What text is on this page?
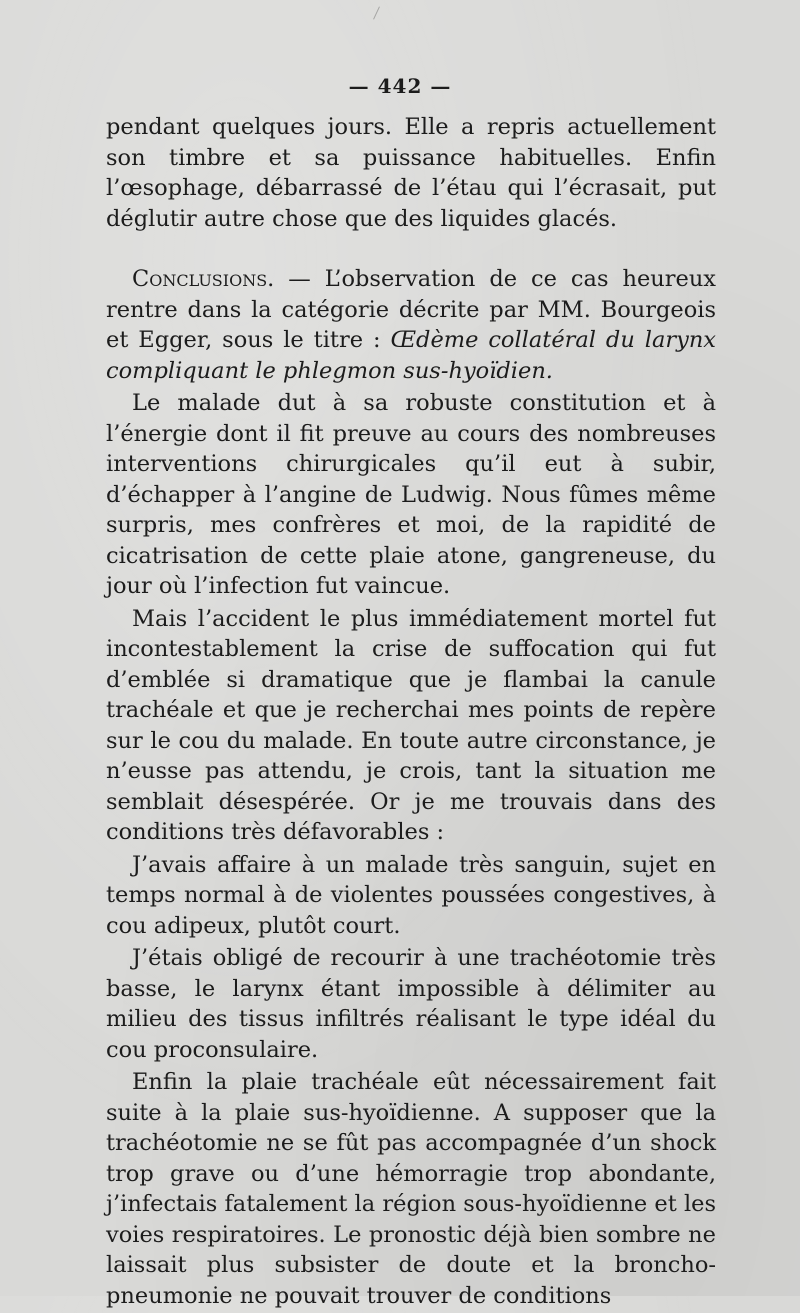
— 442 —

pendant quelques jours. Elle a repris actuellement son timbre et sa puissance habituelles. Enfin l’œsophage, débarrassé de l’étau qui l’écrasait, put déglutir autre chose que des liquides glacés.

Conclusions. — L’observation de ce cas heureux rentre dans la catégorie décrite par MM. Bourgeois et Egger, sous le titre : Œdème collatéral du larynx compliquant le phlegmon sus-hyoïdien.

Le malade dut à sa robuste constitution et à l’énergie dont il fit preuve au cours des nombreuses interventions chirurgicales qu’il eut à subir, d’échapper à l’angine de Ludwig. Nous fûmes même surpris, mes confrères et moi, de la rapidité de cicatrisation de cette plaie atone, gangreneuse, du jour où l’infection fut vaincue.

Mais l’accident le plus immédiatement mortel fut incontestablement la crise de suffocation qui fut d’emblée si dramatique que je flambai la canule trachéale et que je recherchai mes points de repère sur le cou du malade. En toute autre circonstance, je n’eusse pas attendu, je crois, tant la situation me semblait désespérée. Or je me trouvais dans des conditions très défavorables :

J’avais affaire à un malade très sanguin, sujet en temps normal à de violentes poussées congestives, à cou adipeux, plutôt court.

J’étais obligé de recourir à une trachéotomie très basse, le larynx étant impossible à délimiter au milieu des tissus infiltrés réalisant le type idéal du cou proconsulaire.

Enfin la plaie trachéale eût nécessairement fait suite à la plaie sus-hyoïdienne. A supposer que la trachéotomie ne se fût pas accompagnée d’un shock trop grave ou d’une hémorragie trop abondante, j’infectais fatalement la région sous-hyoïdienne et les voies respiratoires. Le pronostic déjà bien sombre ne laissait plus subsister de doute et la broncho-pneumonie ne pouvait trouver de conditions
